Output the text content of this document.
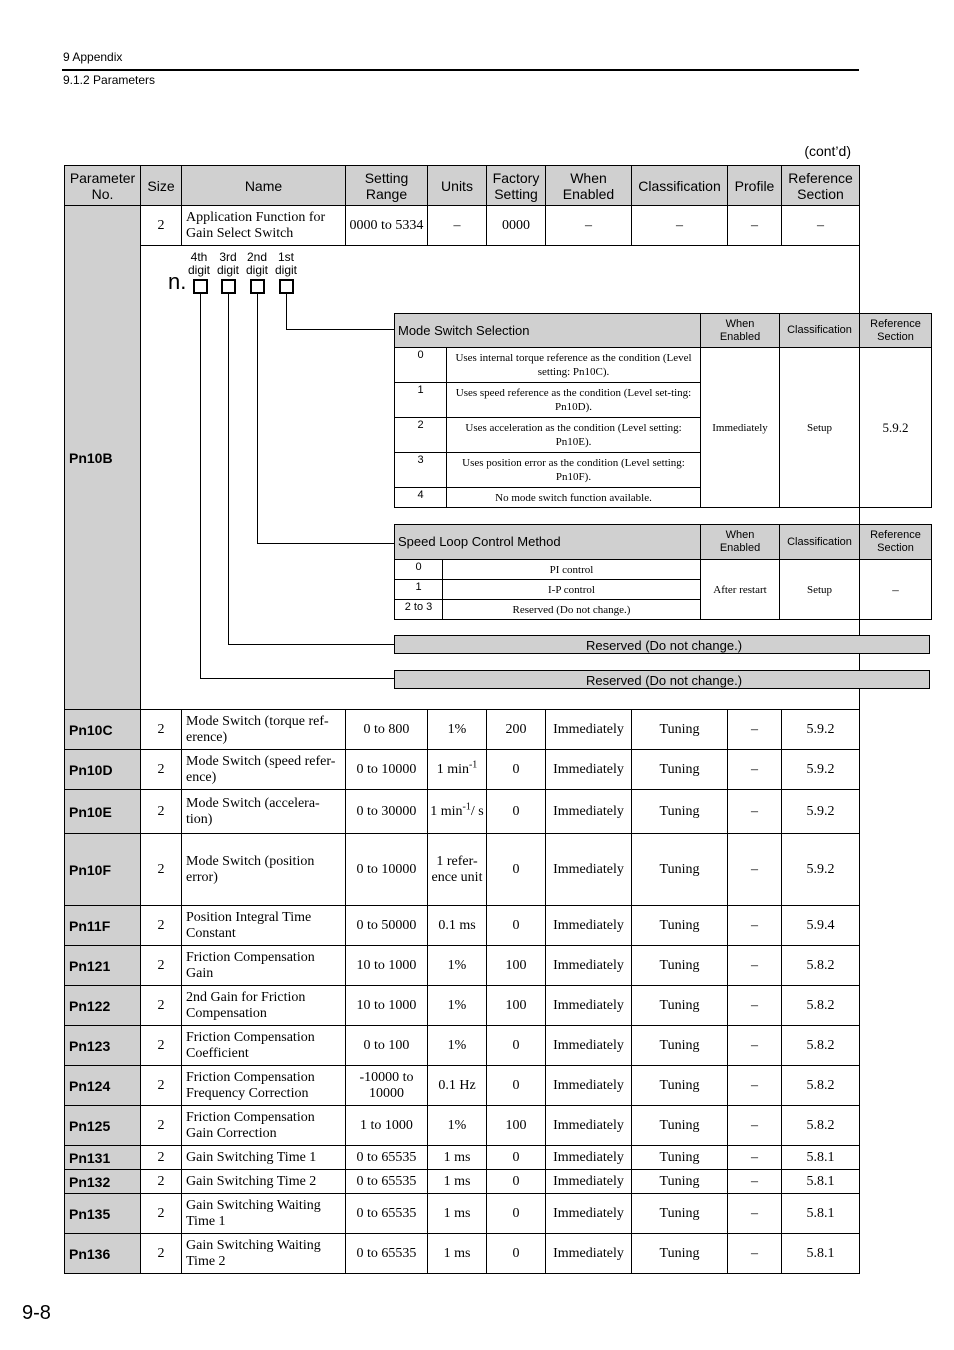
9 Appendix
9.1.2 Parameters
(cont’d)
Parameter No.	Size	Name	Setting Range	Units	Factory Setting	When Enabled	Classification	Profile	Reference Section
Pn10B	2	Application Function for Gain Select Switch	0000 to 5334	–	0000	–	–	–	–

4th digit
3rd digit
2nd digit
1st digit
n.
Mode Switch Selection	When Enabled	Classification	Reference Section
0	Uses internal torque reference as the condition (Level setting: Pn10C).	Immediately	Setup	5.9.2
1	Uses speed reference as the condition (Level set-ting: Pn10D).
2	Uses acceleration as the condition (Level setting: Pn10E).
3	Uses position error as the condition (Level setting: Pn10F).
4	No mode switch function available.
Speed Loop Control Method	When Enabled	Classification	Reference Section
0	PI control	After restart	Setup	–
1	I-P control
2 to 3	Reserved (Do not change.)
Reserved (Do not change.)
Reserved (Do not change.)

Pn10C	2	Mode Switch (torque ref-erence)	0 to 800	1%	200	Immediately	Tuning	–	5.9.2
Pn10D	2	Mode Switch (speed refer-ence)	0 to 10000	1 $\min^{-1}$	0	Immediately	Tuning	–	5.9.2
Pn10E	2	Mode Switch (accelera-tion)	0 to 30000	1 $\min^{-1}/$ s	0	Immediately	Tuning	–	5.9.2
Pn10F	2	Mode Switch (position error)	0 to 10000	1 refer-ence unit	0	Immediately	Tuning	–	5.9.2
Pn11F	2	Position Integral Time Constant	0 to 50000	0.1 ms	0	Immediately	Tuning	–	5.9.4
Pn121	2	Friction Compensation Gain	10 to 1000	1%	100	Immediately	Tuning	–	5.8.2
Pn122	2	2nd Gain for Friction Compensation	10 to 1000	1%	100	Immediately	Tuning	–	5.8.2
Pn123	2	Friction Compensation Coefficient	0 to 100	1%	0	Immediately	Tuning	–	5.8.2
Pn124	2	Friction Compensation Frequency Correction	-10000 to 10000	0.1 Hz	0	Immediately	Tuning	–	5.8.2
Pn125	2	Friction Compensation Gain Correction	1 to 1000	1%	100	Immediately	Tuning	–	5.8.2
Pn131	2	Gain Switching Time 1	0 to 65535	1 ms	0	Immediately	Tuning	–	5.8.1
Pn132	2	Gain Switching Time 2	0 to 65535	1 ms	0	Immediately	Tuning	–	5.8.1
Pn135	2	Gain Switching Waiting Time 1	0 to 65535	1 ms	0	Immediately	Tuning	–	5.8.1
Pn136	2	Gain Switching Waiting Time 2	0 to 65535	1 ms	0	Immediately	Tuning	–	5.8.1
9-8
